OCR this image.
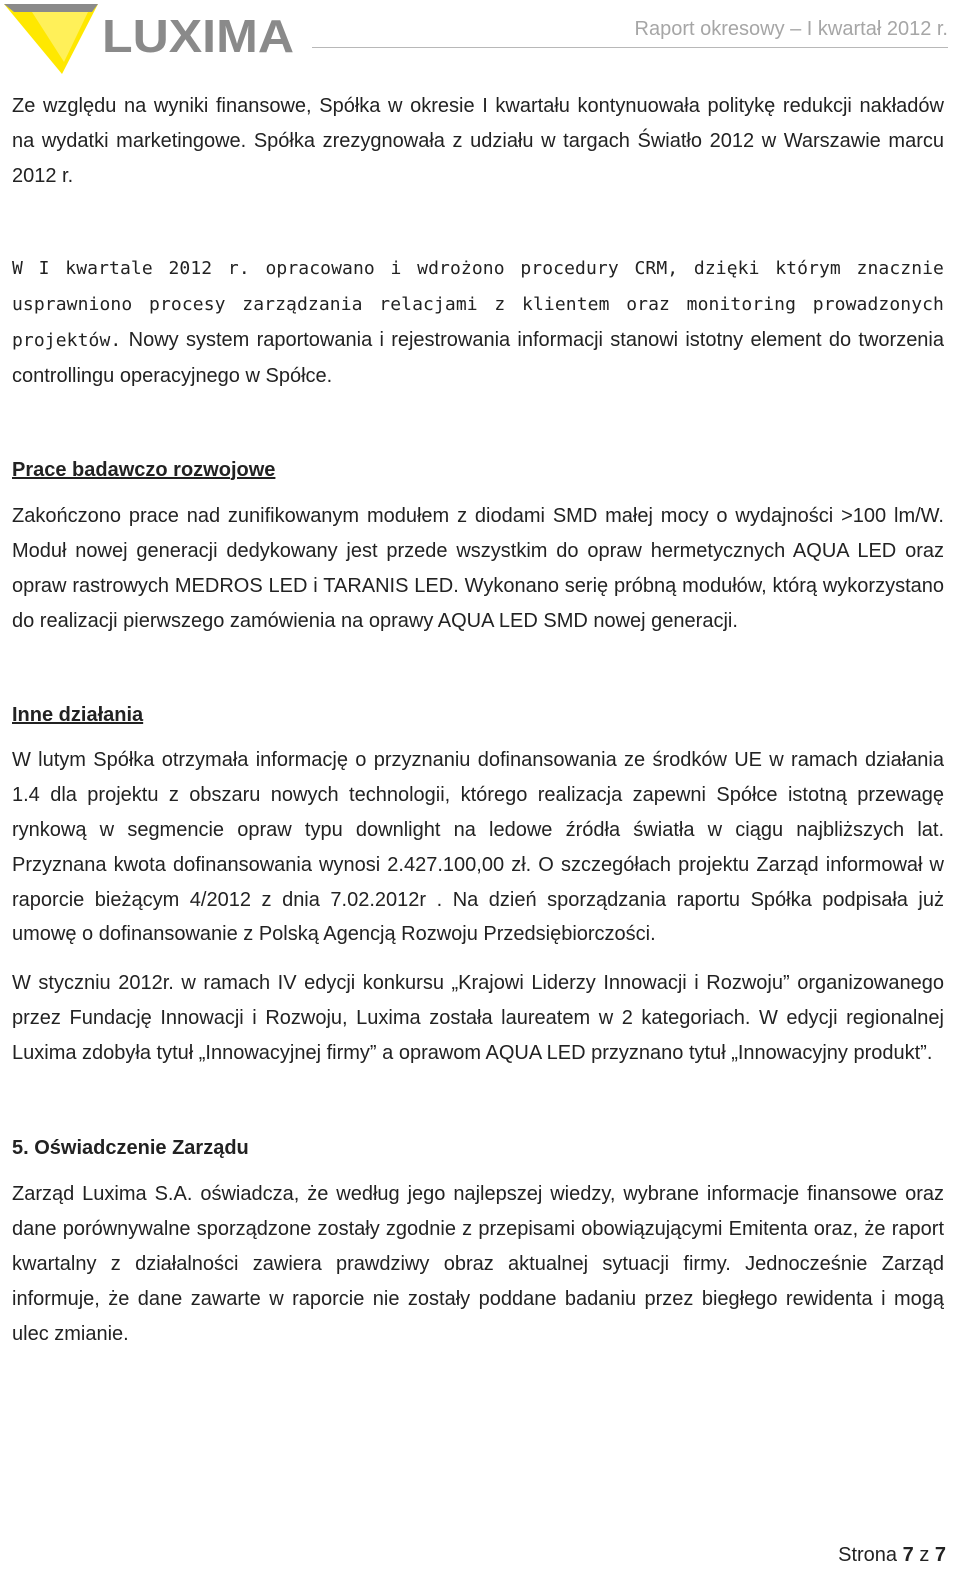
LUXIMA	Raport okresowy – I kwartał 2012 r.

Ze względu na wyniki finansowe, Spółka w okresie I kwartału kontynuowała politykę redukcji nakładów na wydatki marketingowe. Spółka zrezygnowała z udziału w targach Światło 2012 w Warszawie marcu 2012 r.

W I kwartale 2012 r. opracowano i wdrożono procedury CRM, dzięki którym znacznie usprawniono procesy zarządzania relacjami z klientem oraz monitoring prowadzonych projektów. Nowy system raportowania i rejestrowania informacji stanowi istotny element do tworzenia controllingu operacyjnego w Spółce.

Prace badawczo rozwojowe

Zakończono prace nad zunifikowanym modułem z diodami SMD małej mocy o wydajności >100 lm/W. Moduł nowej generacji dedykowany jest przede wszystkim do opraw hermetycznych AQUA LED oraz opraw rastrowych MEDROS LED i TARANIS LED. Wykonano serię próbną modułów, którą wykorzystano do realizacji pierwszego zamówienia na oprawy AQUA LED SMD nowej generacji.

Inne działania

W lutym Spółka otrzymała informację o przyznaniu dofinansowania ze środków UE w ramach działania 1.4 dla projektu z obszaru nowych technologii, którego realizacja zapewni Spółce istotną przewagę rynkową w segmencie opraw typu downlight na ledowe źródła światła w ciągu najbliższych lat. Przyznana kwota dofinansowania wynosi 2.427.100,00 zł. O szczegółach projektu Zarząd informował w raporcie bieżącym 4/2012 z dnia 7.02.2012r . Na dzień sporządzania raportu Spółka podpisała już umowę o dofinansowanie z Polską Agencją Rozwoju Przedsiębiorczości.

W styczniu 2012r. w ramach IV edycji konkursu „Krajowi Liderzy Innowacji i Rozwoju” organizowanego przez Fundację Innowacji i Rozwoju, Luxima została laureatem w 2 kategoriach. W edycji regionalnej Luxima zdobyła tytuł „Innowacyjnej firmy” a oprawom AQUA LED przyznano tytuł „Innowacyjny produkt”.

5. Oświadczenie Zarządu

Zarząd Luxima S.A. oświadcza, że według jego najlepszej wiedzy, wybrane informacje finansowe oraz dane porównywalne sporządzone zostały zgodnie z przepisami obowiązującymi Emitenta oraz, że raport kwartalny z działalności zawiera prawdziwy obraz aktualnej sytuacji firmy. Jednocześnie Zarząd informuje, że dane zawarte w raporcie nie zostały poddane badaniu przez biegłego rewidenta i mogą ulec zmianie.

Strona 7 z 7
